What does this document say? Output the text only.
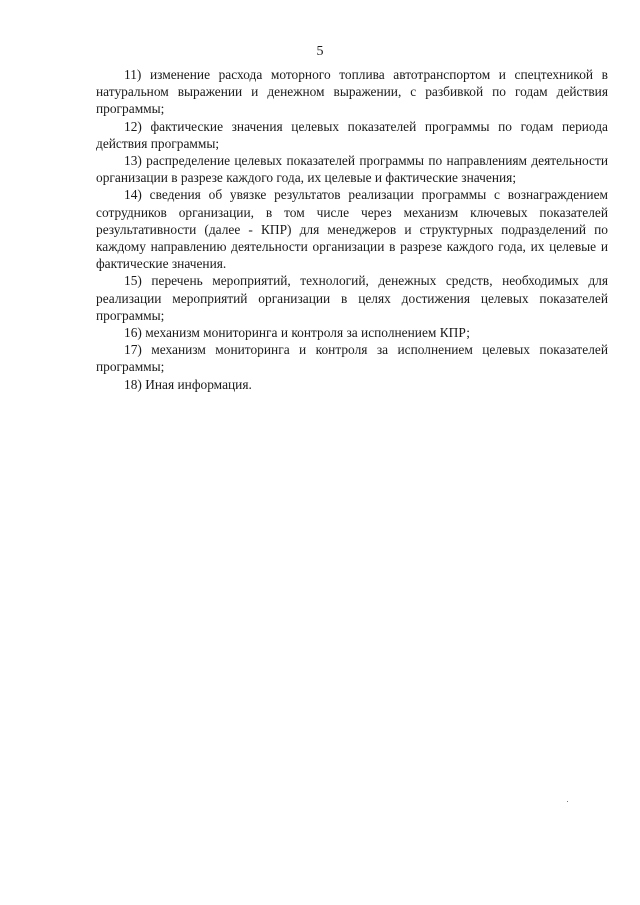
5

11) изменение расхода моторного топлива автотранспортом и спецтехникой в натуральном выражении и денежном выражении, с разбивкой по годам действия программы;

12) фактические значения целевых показателей программы по годам периода действия программы;

13) распределение целевых показателей программы по направлениям деятельности организации в разрезе каждого года, их целевые и фактические значения;

14) сведения об увязке результатов реализации программы с вознаграждением сотрудников организации, в том числе через механизм ключевых показателей результативности (далее - КПР) для менеджеров и структурных подразделений по каждому направлению деятельности организации в разрезе каждого года, их целевые и фактические значения.

15) перечень мероприятий, технологий, денежных средств, необходимых для реализации мероприятий организации в целях достижения целевых показателей программы;

16) механизм мониторинга и контроля за исполнением КПР;

17) механизм мониторинга и контроля за исполнением целевых показателей программы;

18) Иная информация.
